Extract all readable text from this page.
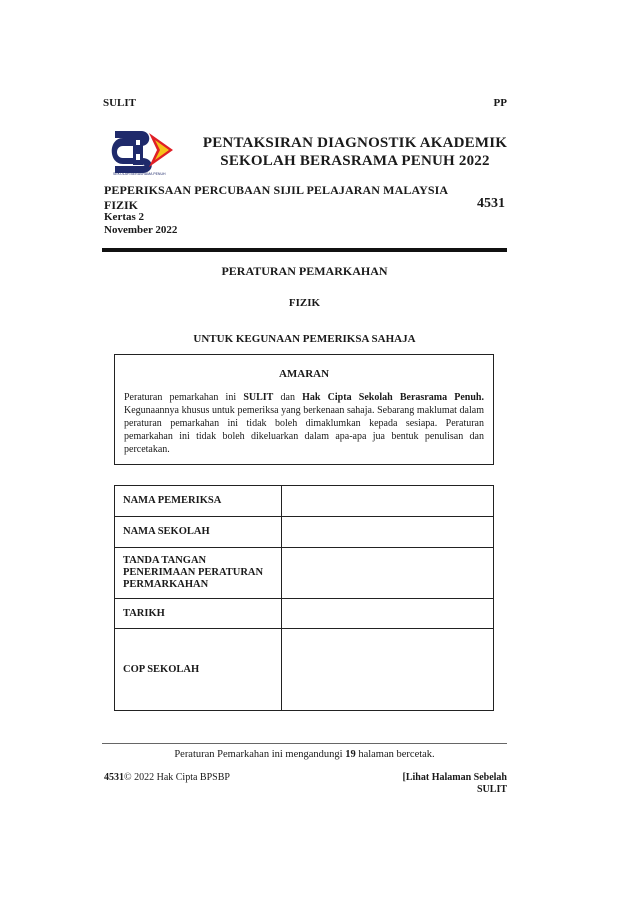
SULIT	PP
SEKOLAH BERASRAMA PENUH
PENTAKSIRAN DIAGNOSTIK AKADEMIK
SEKOLAH BERASRAMA PENUH 2022
PEPERIKSAAN PERCUBAAN SIJIL PELAJARAN MALAYSIA
FIZIK	4531
Kertas 2
November 2022
PERATURAN PEMARKAHAN
FIZIK
UNTUK KEGUNAAN PEMERIKSA SAHAJA
AMARAN
Peraturan pemarkahan ini SULIT dan Hak Cipta Sekolah Berasrama Penuh. Kegunaannya khusus untuk pemeriksa yang berkenaan sahaja. Sebarang maklumat dalam peraturan pemarkahan ini tidak boleh dimaklumkan kepada sesiapa. Peraturan pemarkahan ini tidak boleh dikeluarkan dalam apa-apa jua bentuk penulisan dan percetakan.
NAMA PEMERIKSA	
NAMA SEKOLAH	
TANDA TANGAN PENERIMAAN PERATURAN PERMARKAHAN	
TARIKH	
COP SEKOLAH	
Peraturan Pemarkahan ini mengandungi 19 halaman bercetak.
4531© 2022 Hak Cipta BPSBP	[Lihat Halaman Sebelah
SULIT
